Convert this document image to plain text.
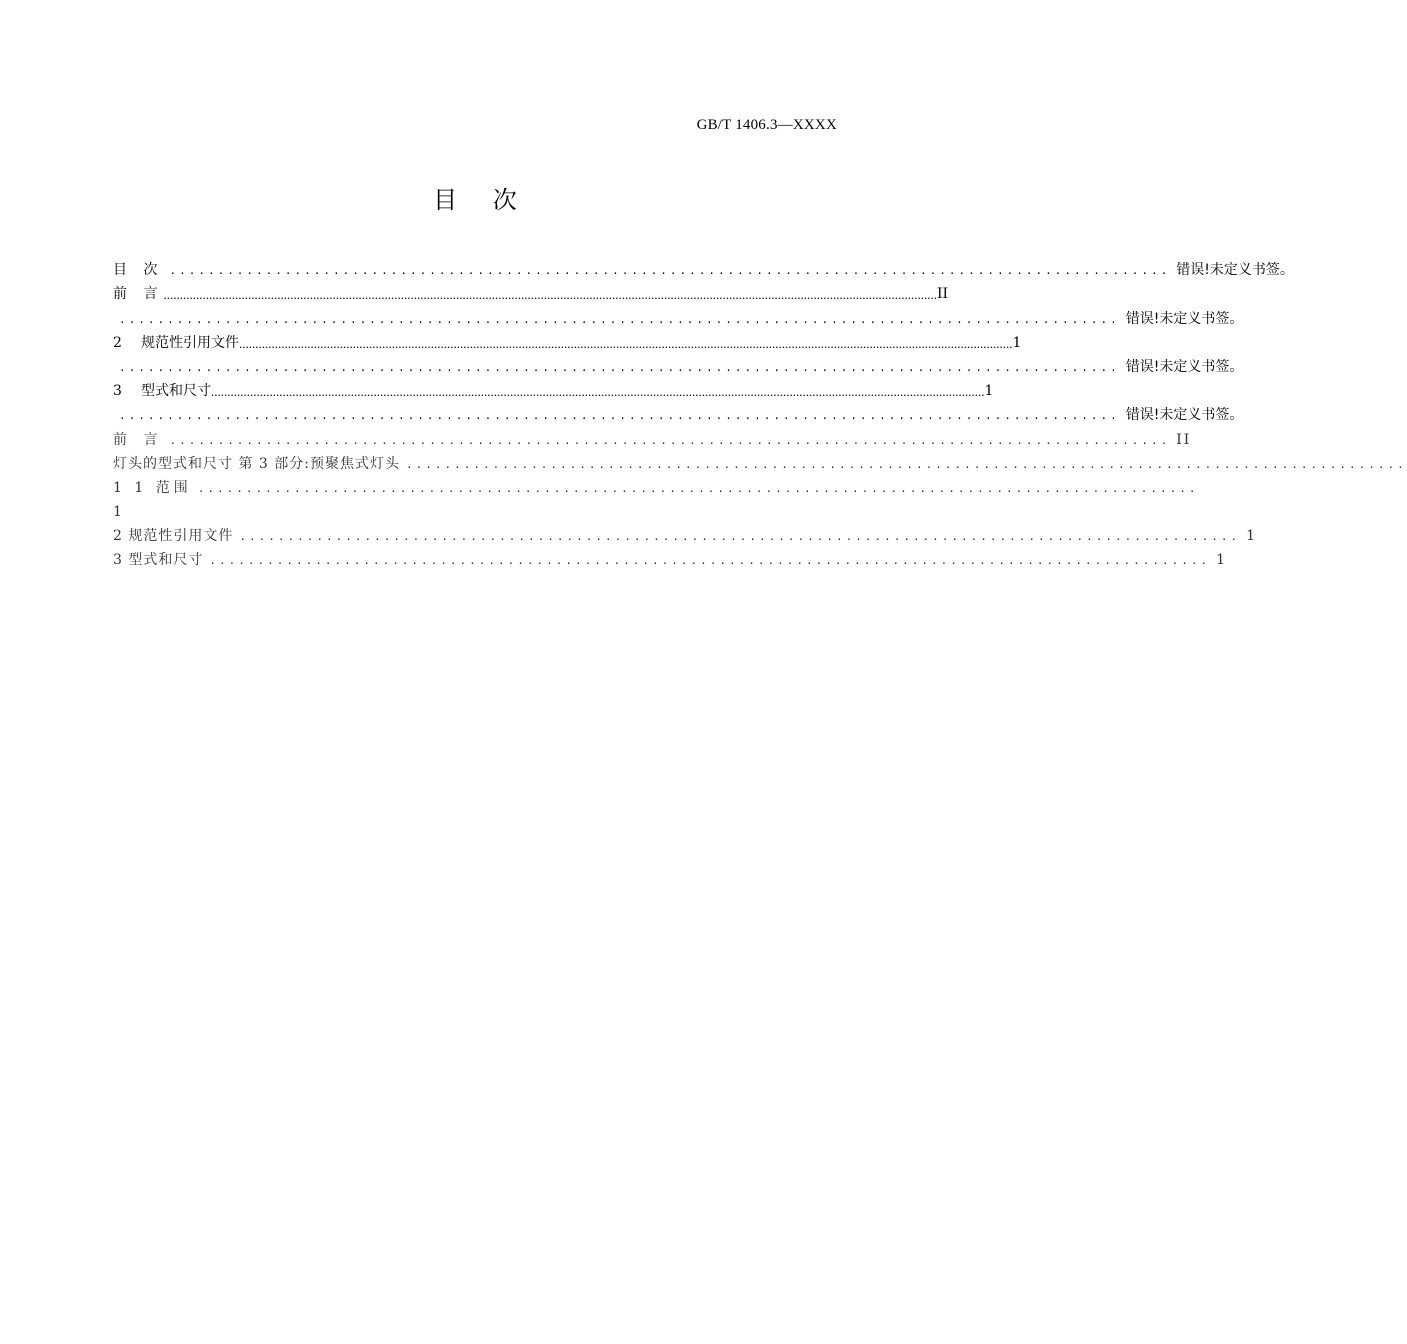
GB/T 1406.3—XXXX
目 次
目 次 ........................................................................................................ 错误!未定义书签。
前 言 .............................................................................................................................................................................................................................................. II
........................................................................................................ 错误!未定义书签。
2 规范性引用文件 .............................................................................................................................................................................................................................................. 1
........................................................................................................ 错误!未定义书签。
3 型式和尺寸 .............................................................................................................................................................................................................................................. 1
........................................................................................................ 错误!未定义书签。
前 言 ........................................................................................................ II
灯头的型式和尺寸 第 3 部分:预聚焦式灯头 ........................................................................................................
1 1 范围 ........................................................................................................
1
2 规范性引用文件 ........................................................................................................ 1
3 型式和尺寸 ........................................................................................................ 1
